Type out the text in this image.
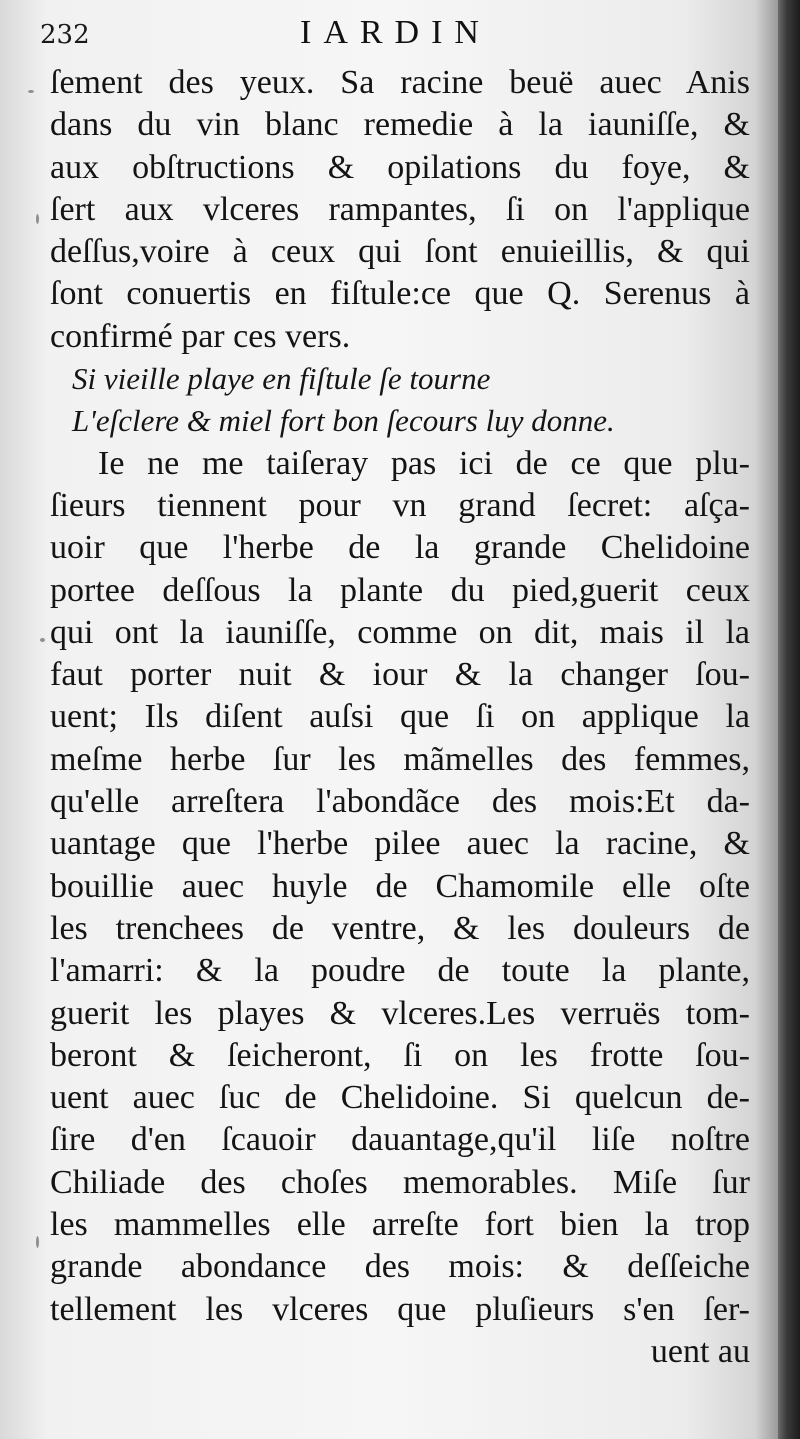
232	IARDIN
ſement des yeux. Sa racine beuë auec Anis
dans du vin blanc remedie à la iauniſſe, &
aux obſtructions & opilations du foye, &
ſert aux vlceres rampantes, ſi on l'applique
deſſus,voire à ceux qui ſont enuieillis, & qui
ſont conuertis en fiſtule:ce que Q. Serenus à
confirmé par ces vers.
Si vieille playe en fiſtule ſe tourne
L'eſclere & miel fort bon ſecours luy donne.
Ie ne me taiſeray pas ici de ce que plu-
ſieurs tiennent pour vn grand ſecret: aſça-
uoir que l'herbe de la grande Chelidoine
portee deſſous la plante du pied,guerit ceux
qui ont la iauniſſe, comme on dit, mais il la
faut porter nuit & iour & la changer ſou-
uent; Ils diſent auſsi que ſi on applique la
meſme herbe ſur les mãmelles des femmes,
qu'elle arreſtera l'abondãce des mois:Et da-
uantage que l'herbe pilee auec la racine, &
bouillie auec huyle de Chamomile elle oſte
les trenchees de ventre, & les douleurs de
l'amarri: & la poudre de toute la plante,
guerit les playes & vlceres.Les verruës tom-
beront & ſeicheront, ſi on les frotte ſou-
uent auec ſuc de Chelidoine. Si quelcun de-
ſire d'en ſcauoir dauantage,qu'il liſe noſtre
Chiliade des choſes memorables. Miſe ſur
les mammelles elle arreſte fort bien la trop
grande abondance des mois: & deſſeiche
tellement les vlceres que pluſieurs s'en ſer-
uent au
